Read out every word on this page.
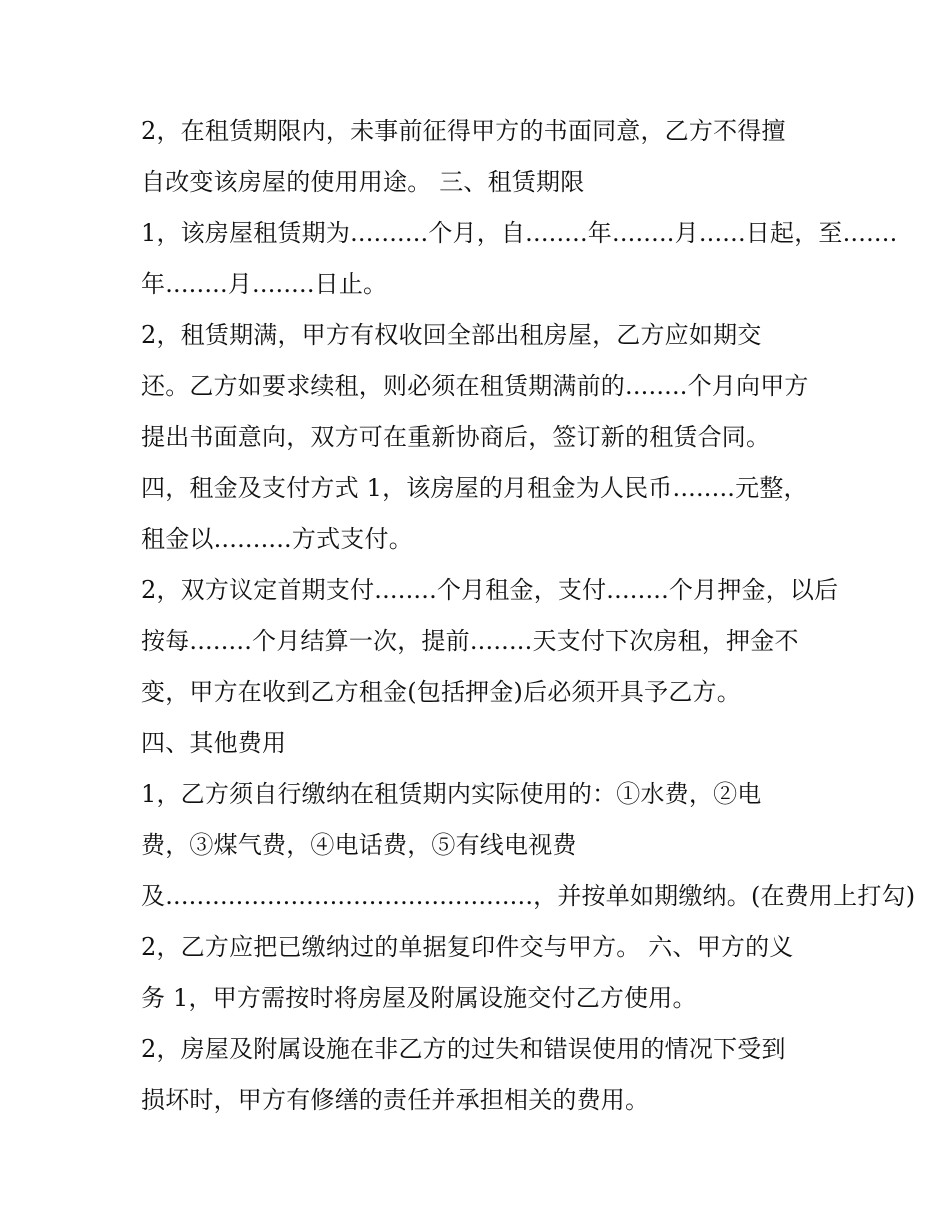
2，在租赁期限内，未事前征得甲方的书面同意，乙方不得擅
自改变该房屋的使用用途。 三、租赁期限
1，该房屋租赁期为..........个月，自........年........月......日起，至.......
年........月........日止。
2，租赁期满，甲方有权收回全部出租房屋，乙方应如期交
还。乙方如要求续租，则必须在租赁期满前的........个月向甲方
提出书面意向，双方可在重新协商后，签订新的租赁合同。
四，租金及支付方式 1，该房屋的月租金为人民币........元整，
租金以..........方式支付。
2，双方议定首期支付........个月租金，支付........个月押金，以后
按每........个月结算一次，提前........天支付下次房租，押金不
变，甲方在收到乙方租金(包括押金)后必须开具予乙方。
四、其他费用
1，乙方须自行缴纳在租赁期内实际使用的：①水费，②电
费，③煤气费，④电话费，⑤有线电视费
及...............................................，并按单如期缴纳。(在费用上打勾)
2，乙方应把已缴纳过的单据复印件交与甲方。 六、甲方的义
务 1，甲方需按时将房屋及附属设施交付乙方使用。
2，房屋及附属设施在非乙方的过失和错误使用的情况下受到
损坏时，甲方有修缮的责任并承担相关的费用。
